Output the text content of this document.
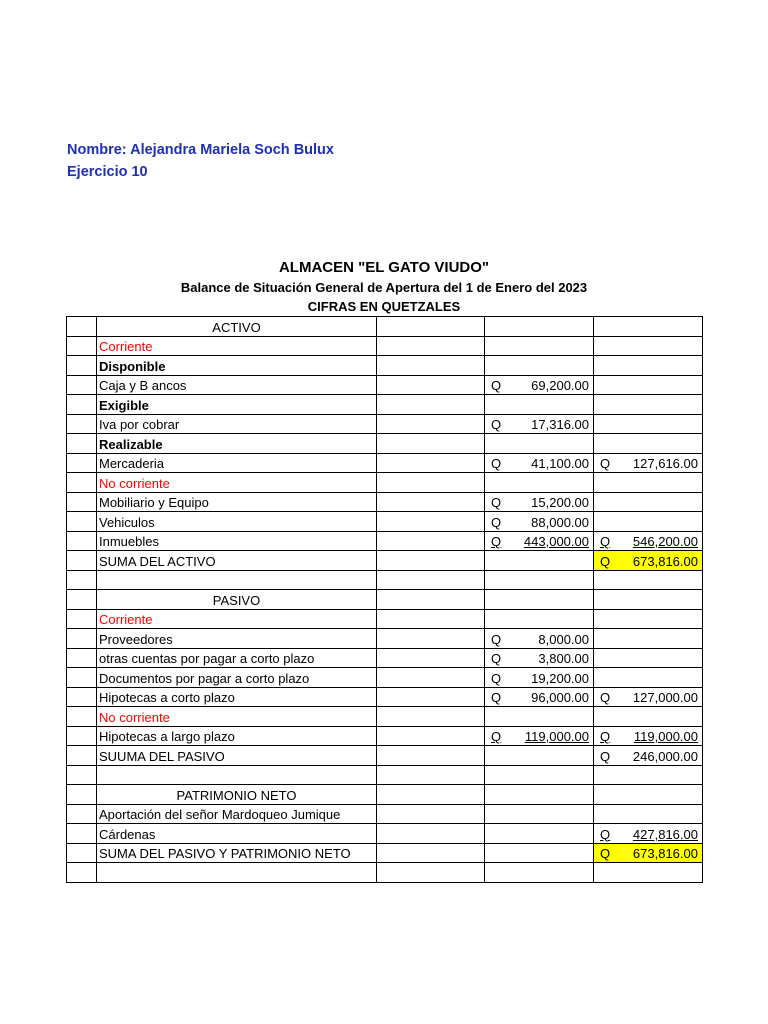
Nombre: Alejandra Mariela Soch Bulux
Ejercicio 10
ALMACEN "EL GATO VIUDO"
Balance de Situación General de Apertura del 1 de Enero del 2023
CIFRAS EN QUETZALES
	ACTIVO			
	Corriente			
	Disponible			
	Caja y B ancos		Q 69,200.00	

	Exigible			
	Iva por cobrar		Q 17,316.00	

	Realizable			
	Mercaderia		Q 41,100.00	Q 127,616.00

	No corriente			
	Mobiliario y Equipo		Q 15,200.00	

	Vehiculos		Q 88,000.00	

	Inmuebles		Q 443,000.00	Q 546,200.00

	SUMA DEL ACTIVO			Q 673,816.00

	PASIVO			
	Corriente			
	Proveedores		Q 8,000.00	

	otras cuentas por pagar a corto plazo		Q 3,800.00	

	Documentos por pagar a corto plazo		Q 19,200.00	

	Hipotecas a corto plazo		Q 96,000.00	Q 127,000.00

	No corriente			
	Hipotecas a largo plazo		Q 119,000.00	Q 119,000.00

	SUUMA DEL PASIVO			Q 246,000.00

	PATRIMONIO NETO			
	Aportación del señor Mardoqueo Jumique			
	Cárdenas			Q 427,816.00

	SUMA DEL PASIVO Y PATRIMONIO NETO			Q 673,816.00
